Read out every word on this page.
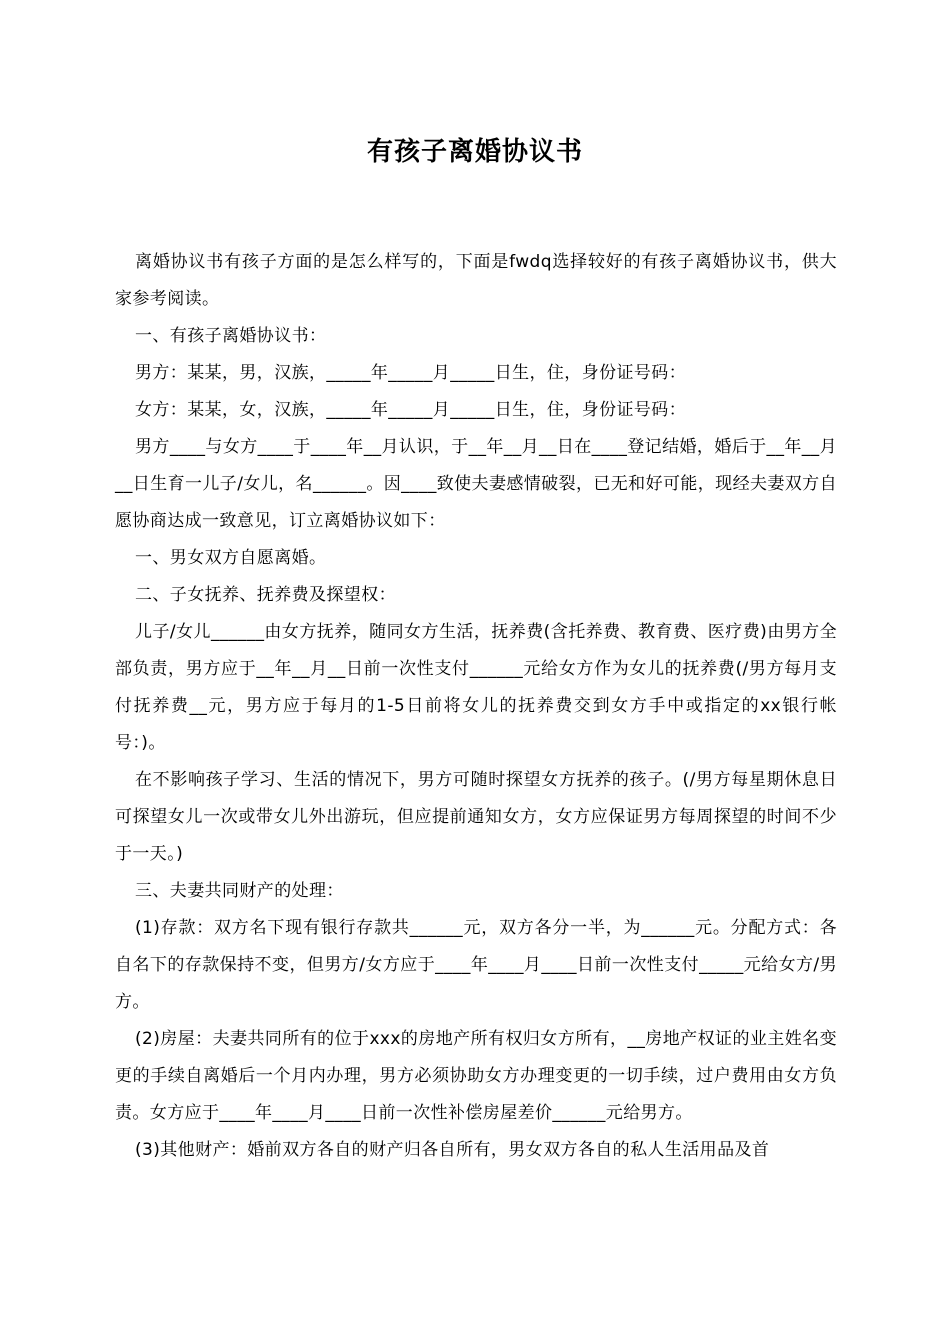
有孩子离婚协议书

离婚协议书有孩子方面的是怎么样写的，下面是fwdq选择较好的有孩子离婚协议书，供大家参考阅读。

一、有孩子离婚协议书：

男方：某某，男，汉族，_____年_____月_____日生，住，身份证号码：

女方：某某，女，汉族，_____年_____月_____日生，住，身份证号码：

男方____与女方____于____年__月认识，于__年__月__日在____登记结婚，婚后于__年__月__日生育一儿子/女儿，名______。因____致使夫妻感情破裂，已无和好可能，现经夫妻双方自愿协商达成一致意见，订立离婚协议如下：

一、男女双方自愿离婚。

二、子女抚养、抚养费及探望权：

儿子/女儿______由女方抚养，随同女方生活，抚养费(含托养费、教育费、医疗费)由男方全部负责，男方应于__年__月__日前一次性支付______元给女方作为女儿的抚养费(/男方每月支付抚养费__元，男方应于每月的1-5日前将女儿的抚养费交到女方手中或指定的xx银行帐号：)。

在不影响孩子学习、生活的情况下，男方可随时探望女方抚养的孩子。(/男方每星期休息日可探望女儿一次或带女儿外出游玩，但应提前通知女方，女方应保证男方每周探望的时间不少于一天。)

三、夫妻共同财产的处理：

(1)存款：双方名下现有银行存款共______元，双方各分一半，为______元。分配方式：各自名下的存款保持不变，但男方/女方应于____年____月____日前一次性支付_____元给女方/男方。

(2)房屋：夫妻共同所有的位于xxx的房地产所有权归女方所有，__房地产权证的业主姓名变更的手续自离婚后一个月内办理，男方必须协助女方办理变更的一切手续，过户费用由女方负责。女方应于____年____月____日前一次性补偿房屋差价______元给男方。

(3)其他财产：婚前双方各自的财产归各自所有，男女双方各自的私人生活用品及首
